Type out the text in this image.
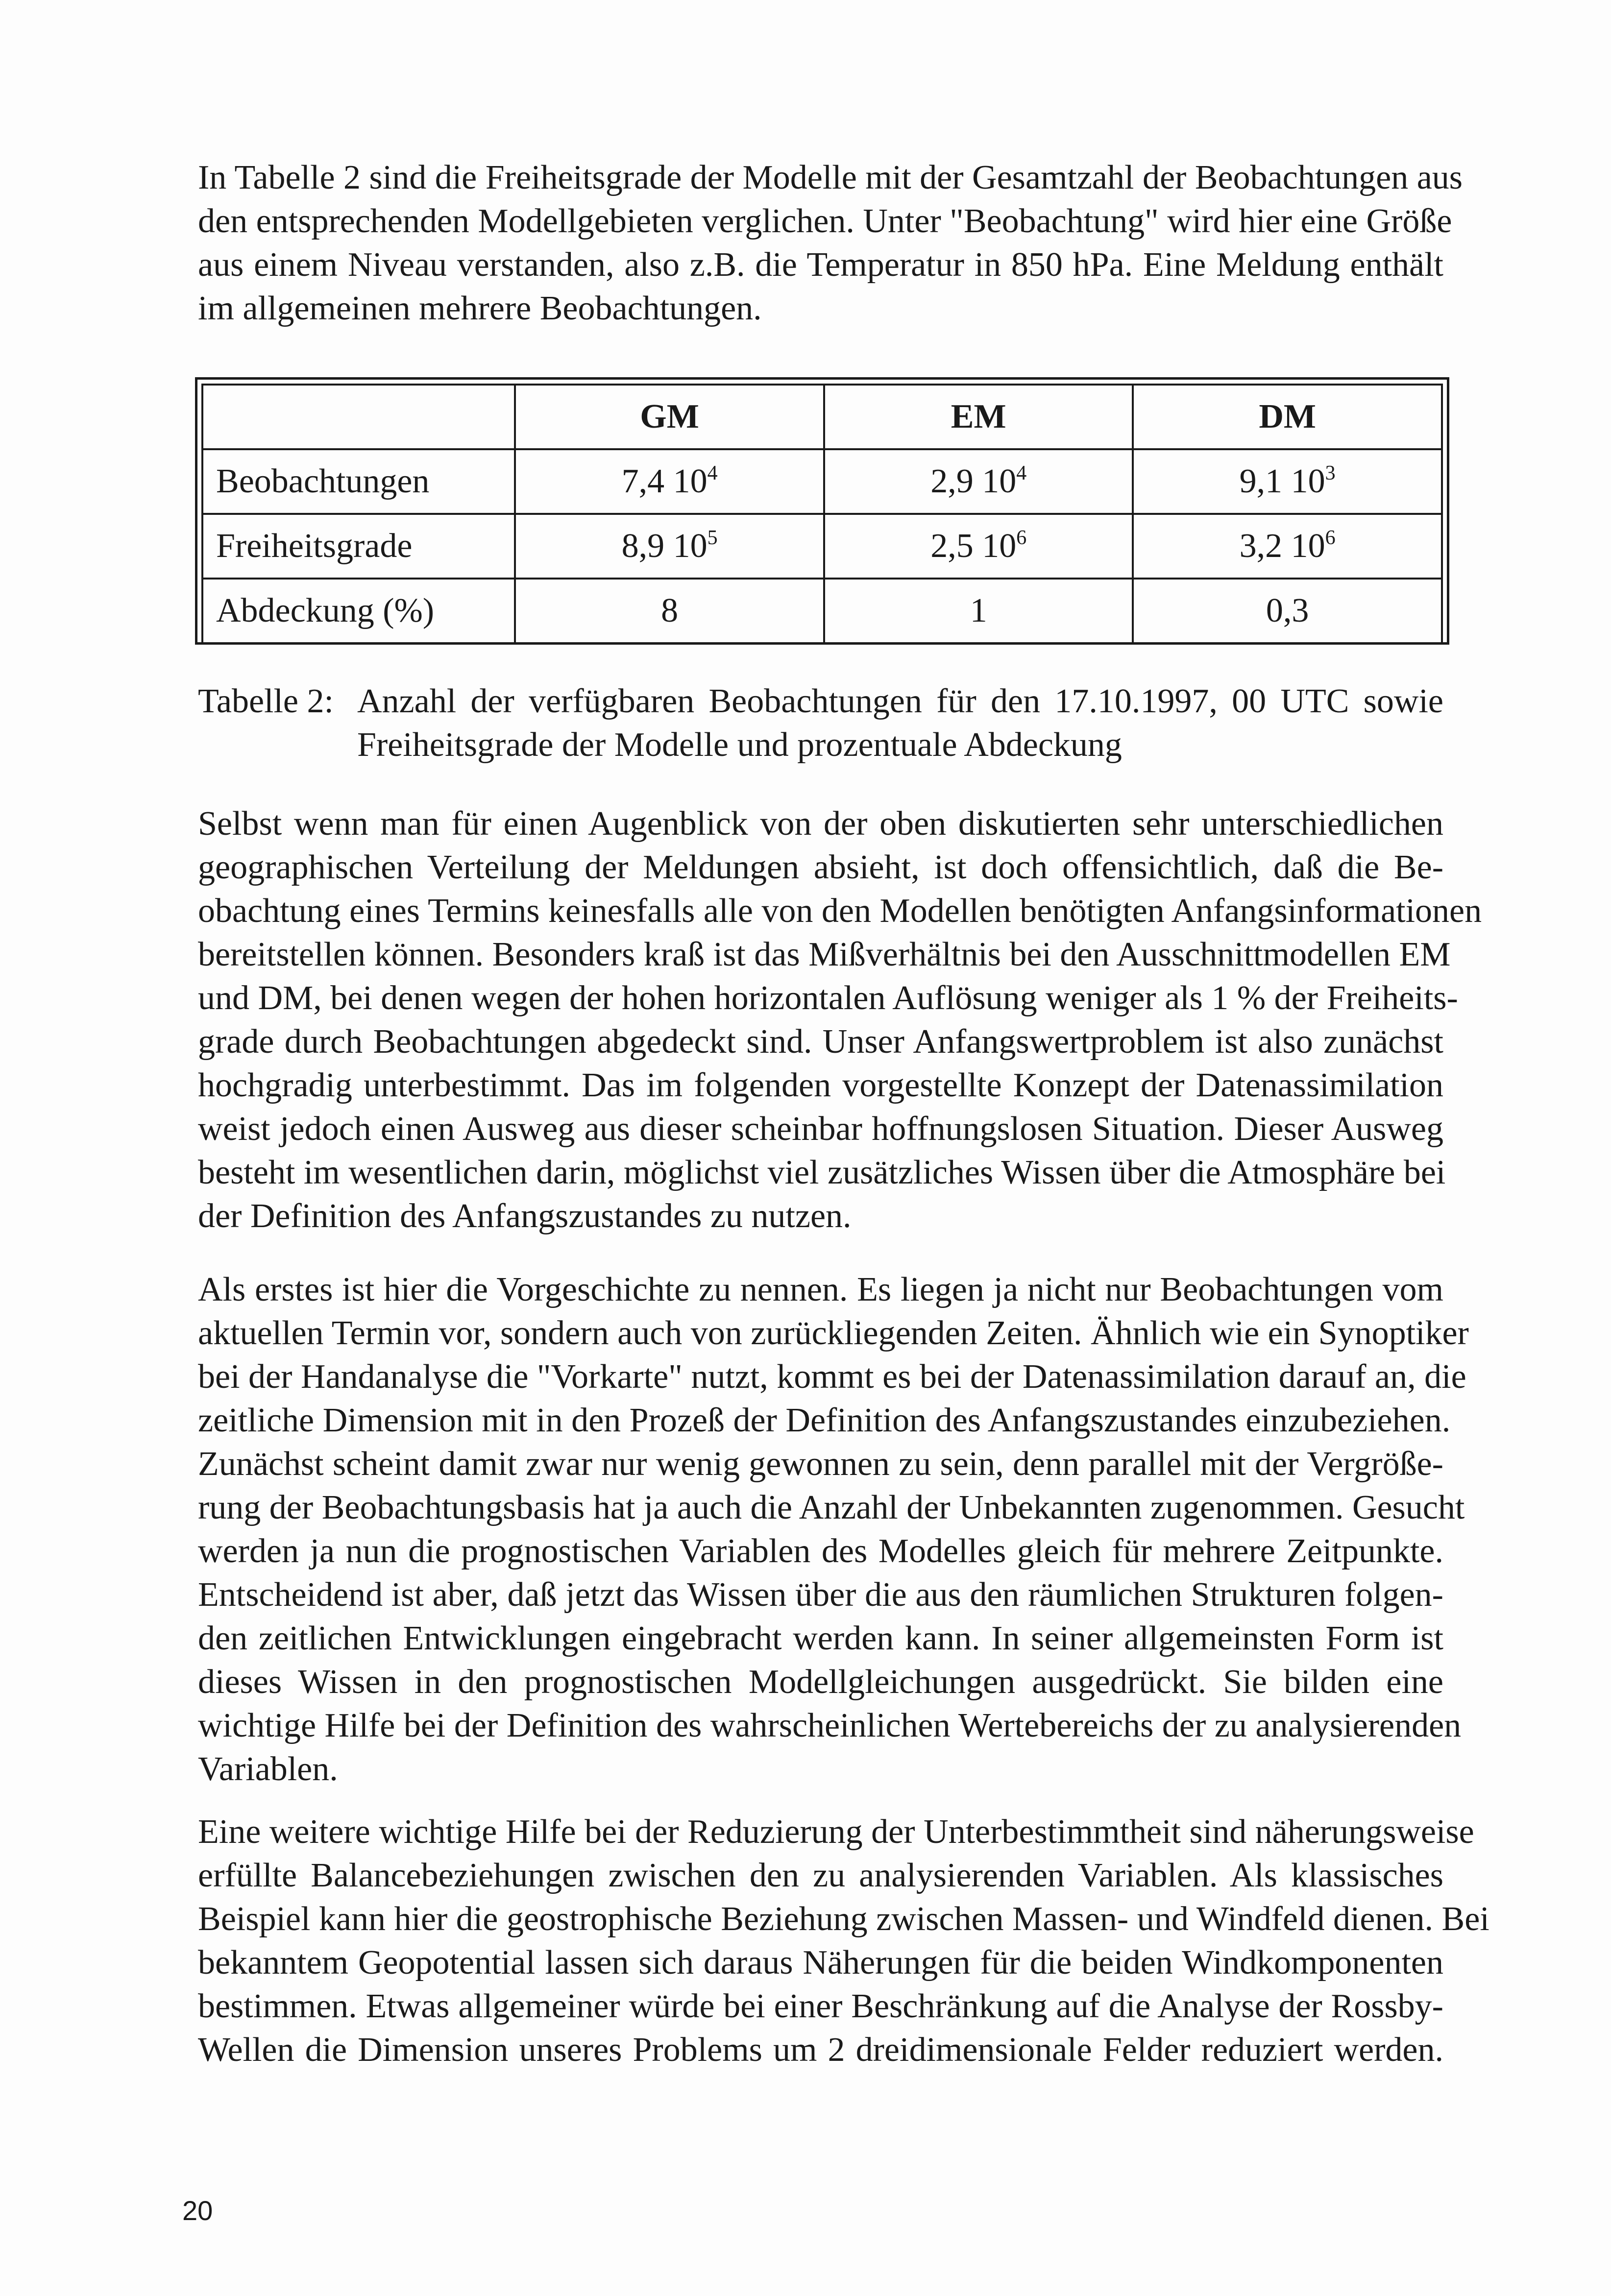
In Tabelle 2 sind die Freiheitsgrade der Modelle mit der Gesamtzahl der Beobachtungen aus
den entsprechenden Modellgebieten verglichen. Unter "Beobachtung" wird hier eine Größe
aus einem Niveau verstanden, also z.B. die Temperatur in 850 hPa. Eine Meldung enthält
im allgemeinen mehrere Beobachtungen.
	GM	EM	DM
Beobachtungen	7,4 $10^4$	2,9 $10^4$	9,1 $10^3$
Freiheitsgrade	8,9 $10^5$	2,5 $10^6$	3,2 $10^6$
Abdeckung (%)	8	1	0,3
Tabelle 2: Anzahl der verfügbaren Beobachtungen für den 17.10.1997, 00 UTC sowie
Freiheitsgrade der Modelle und prozentuale Abdeckung
Selbst wenn man für einen Augenblick von der oben diskutierten sehr unterschiedlichen
geographischen Verteilung der Meldungen absieht, ist doch offensichtlich, daß die Be-
obachtung eines Termins keinesfalls alle von den Modellen benötigten Anfangsinformationen
bereitstellen können. Besonders kraß ist das Mißverhältnis bei den Ausschnittmodellen EM
und DM, bei denen wegen der hohen horizontalen Auflösung weniger als 1 % der Freiheits-
grade durch Beobachtungen abgedeckt sind. Unser Anfangswertproblem ist also zunächst
hochgradig unterbestimmt. Das im folgenden vorgestellte Konzept der Datenassimilation
weist jedoch einen Ausweg aus dieser scheinbar hoffnungslosen Situation. Dieser Ausweg
besteht im wesentlichen darin, möglichst viel zusätzliches Wissen über die Atmosphäre bei
der Definition des Anfangszustandes zu nutzen.
Als erstes ist hier die Vorgeschichte zu nennen. Es liegen ja nicht nur Beobachtungen vom
aktuellen Termin vor, sondern auch von zurückliegenden Zeiten. Ähnlich wie ein Synoptiker
bei der Handanalyse die "Vorkarte" nutzt, kommt es bei der Datenassimilation darauf an, die
zeitliche Dimension mit in den Prozeß der Definition des Anfangszustandes einzubeziehen.
Zunächst scheint damit zwar nur wenig gewonnen zu sein, denn parallel mit der Vergröße-
rung der Beobachtungsbasis hat ja auch die Anzahl der Unbekannten zugenommen. Gesucht
werden ja nun die prognostischen Variablen des Modelles gleich für mehrere Zeitpunkte.
Entscheidend ist aber, daß jetzt das Wissen über die aus den räumlichen Strukturen folgen-
den zeitlichen Entwicklungen eingebracht werden kann. In seiner allgemeinsten Form ist
dieses Wissen in den prognostischen Modellgleichungen ausgedrückt. Sie bilden eine
wichtige Hilfe bei der Definition des wahrscheinlichen Wertebereichs der zu analysierenden
Variablen.
Eine weitere wichtige Hilfe bei der Reduzierung der Unterbestimmtheit sind näherungsweise
erfüllte Balancebeziehungen zwischen den zu analysierenden Variablen. Als klassisches
Beispiel kann hier die geostrophische Beziehung zwischen Massen- und Windfeld dienen. Bei
bekanntem Geopotential lassen sich daraus Näherungen für die beiden Windkomponenten
bestimmen. Etwas allgemeiner würde bei einer Beschränkung auf die Analyse der Rossby-
Wellen die Dimension unseres Problems um 2 dreidimensionale Felder reduziert werden.
20
